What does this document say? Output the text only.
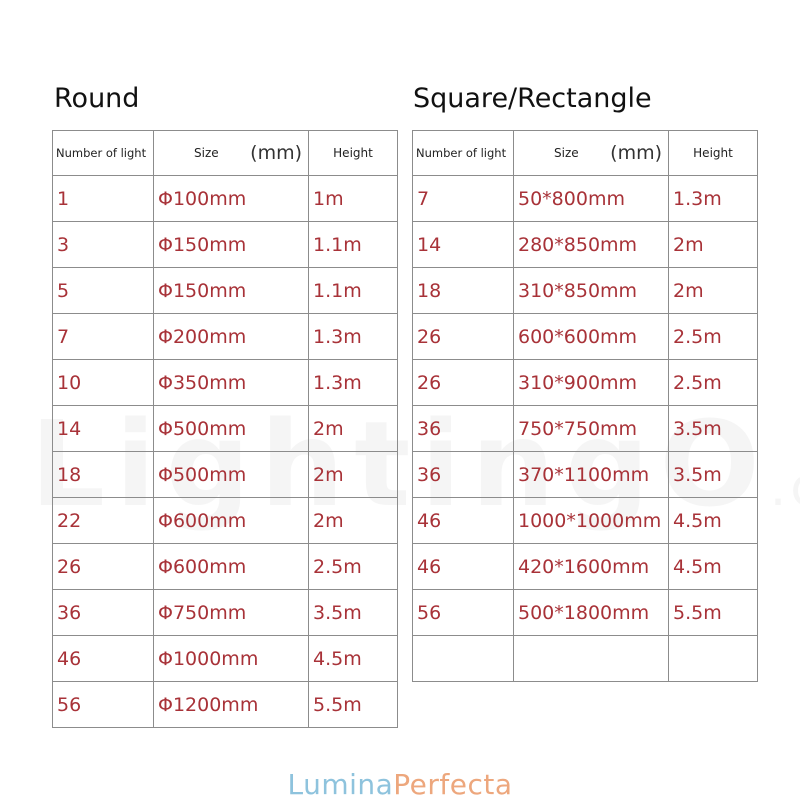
Round	Square/Rectangle
Number of light	Size (mm)	Height
1	Φ100mm	1m
3	Φ150mm	1.1m
5	Φ150mm	1.1m
7	Φ200mm	1.3m
10	Φ350mm	1.3m
14	Φ500mm	2m
18	Φ500mm	2m
22	Φ600mm	2m
26	Φ600mm	2.5m
36	Φ750mm	3.5m
46	Φ1000mm	4.5m
56	Φ1200mm	5.5m
Number of light	Size (mm)	Height
7	50*800mm	1.3m
14	280*850mm	2m
18	310*850mm	2m
26	600*600mm	2.5m
26	310*900mm	2.5m
36	750*750mm	3.5m
36	370*1100mm	3.5m
46	1000*1000mm	4.5m
46	420*1600mm	4.5m
56	500*1800mm	5.5m

LuminaPerfecta
